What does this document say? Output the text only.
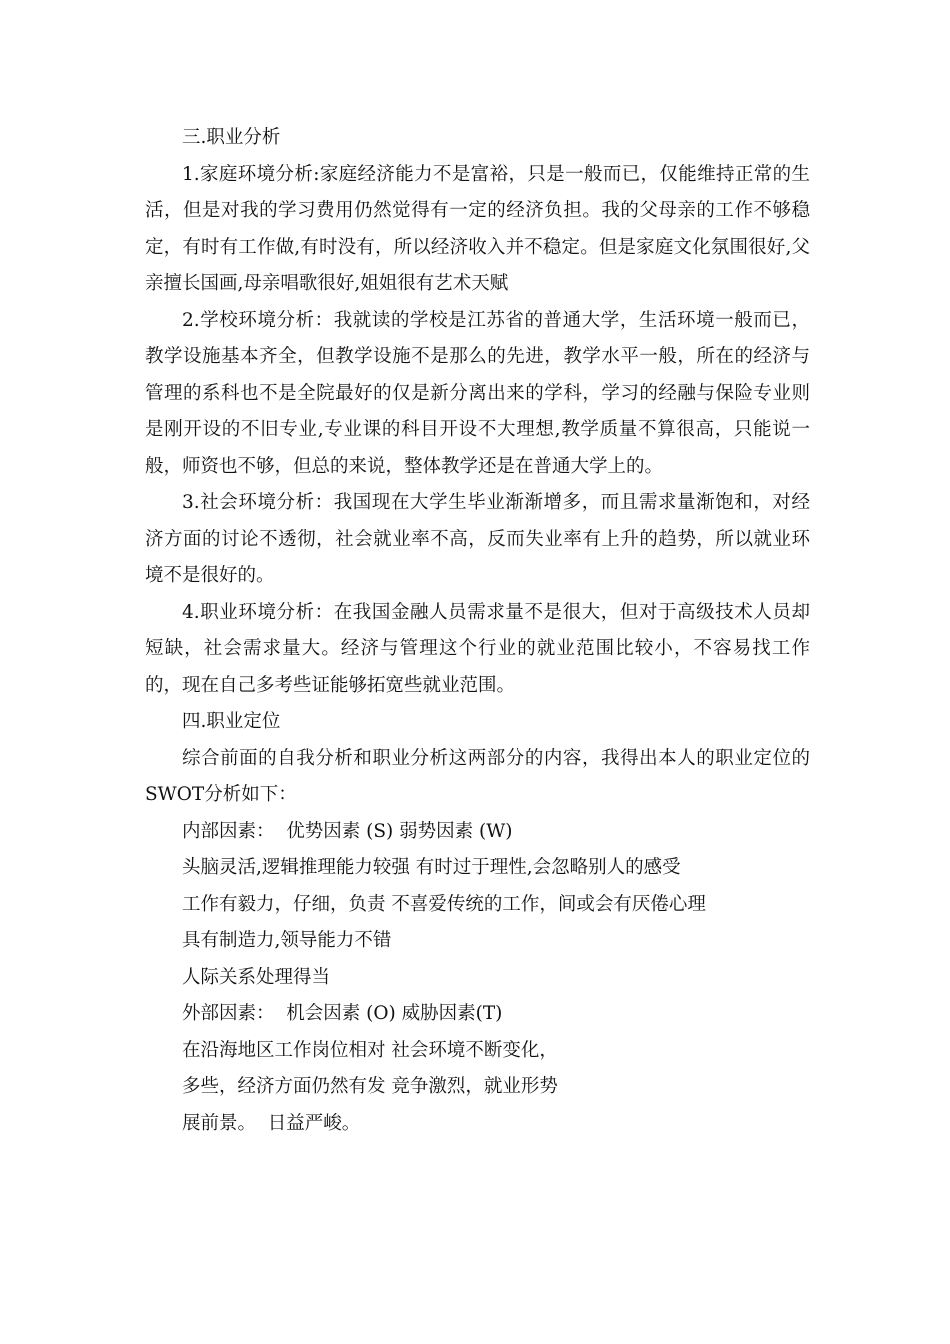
三.职业分析

1.家庭环境分析:家庭经济能力不是富裕，只是一般而已，仅能维持正常的生活，但是对我的学习费用仍然觉得有一定的经济负担。我的父母亲的工作不够稳定，有时有工作做,有时没有，所以经济收入并不稳定。但是家庭文化氛围很好,父亲擅长国画,母亲唱歌很好,姐姐很有艺术天赋

2.学校环境分析：我就读的学校是江苏省的普通大学，生活环境一般而已，教学设施基本齐全，但教学设施不是那么的先进，教学水平一般，所在的经济与管理的系科也不是全院最好的仅是新分离出来的学科，学习的经融与保险专业则是刚开设的不旧专业,专业课的科目开设不大理想,教学质量不算很高，只能说一般，师资也不够，但总的来说，整体教学还是在普通大学上的。

3.社会环境分析：我国现在大学生毕业渐渐增多，而且需求量渐饱和，对经济方面的讨论不透彻，社会就业率不高，反而失业率有上升的趋势，所以就业环境不是很好的。

4.职业环境分析：在我国金融人员需求量不是很大，但对于高级技术人员却短缺，社会需求量大。经济与管理这个行业的就业范围比较小，不容易找工作的，现在自己多考些证能够拓宽些就业范围。

四.职业定位

综合前面的自我分析和职业分析这两部分的内容，我得出本人的职业定位的SWOT分析如下：

内部因素：  优势因素 (S) 弱势因素 (W)

头脑灵活,逻辑推理能力较强 有时过于理性,会忽略别人的感受

工作有毅力，仔细，负责 不喜爱传统的工作，间或会有厌倦心理

具有制造力,领导能力不错

人际关系处理得当

外部因素：  机会因素 (O) 威胁因素(T)

在沿海地区工作岗位相对 社会环境不断变化，

多些，经济方面仍然有发 竞争激烈，就业形势

展前景。  日益严峻。
